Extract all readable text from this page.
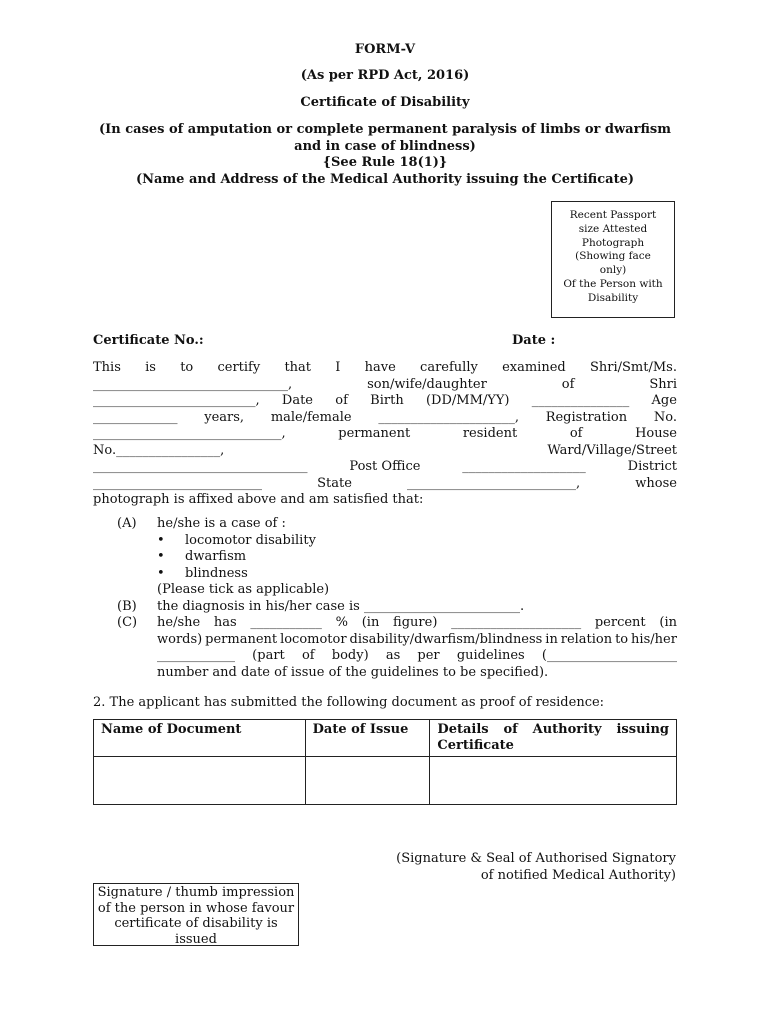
FORM-V
(As per RPD Act, 2016)
Certificate of Disability
(In cases of amputation or complete permanent paralysis of limbs or dwarfism
and in case of blindness)
{See Rule 18(1)}
(Name and Address of the Medical Authority issuing the Certificate)
Recent Passport
size Attested
Photograph
(Showing face
only)
Of the Person with
Disability
Certificate No.:	Date :
This is to certify that I have carefully examined Shri/Smt/Ms.
______________________________,	son/wife/daughter	of	Shri
_________________________, Date of Birth (DD/MM/YY) _______________ Age
_____________ years, male/female _____________________, Registration No.
_____________________________,	permanent	resident	of	House
No.________________,	Ward/Village/Street
_________________________________	Post Office	___________________	District
__________________________	State	__________________________,	whose
photograph is affixed above and am satisfied that:
(A) he/she is a case of :
• locomotor disability
• dwarfism
• blindness
(Please tick as applicable)
(B) the diagnosis in his/her case is ________________________.
(C) he/she has ___________ % (in figure) ____________________ percent (in
words) permanent locomotor disability/dwarfism/blindness in relation to his/her
____________ (part of body) as per guidelines (____________________
number and date of issue of the guidelines to be specified).
2. The applicant has submitted the following document as proof of residence:
Name of Document	Date of Issue	Details of Authority issuing Certificate

(Signature & Seal of Authorised Signatory
of notified Medical Authority)
Signature / thumb impression
of the person in whose favour
certificate of disability is
issued
